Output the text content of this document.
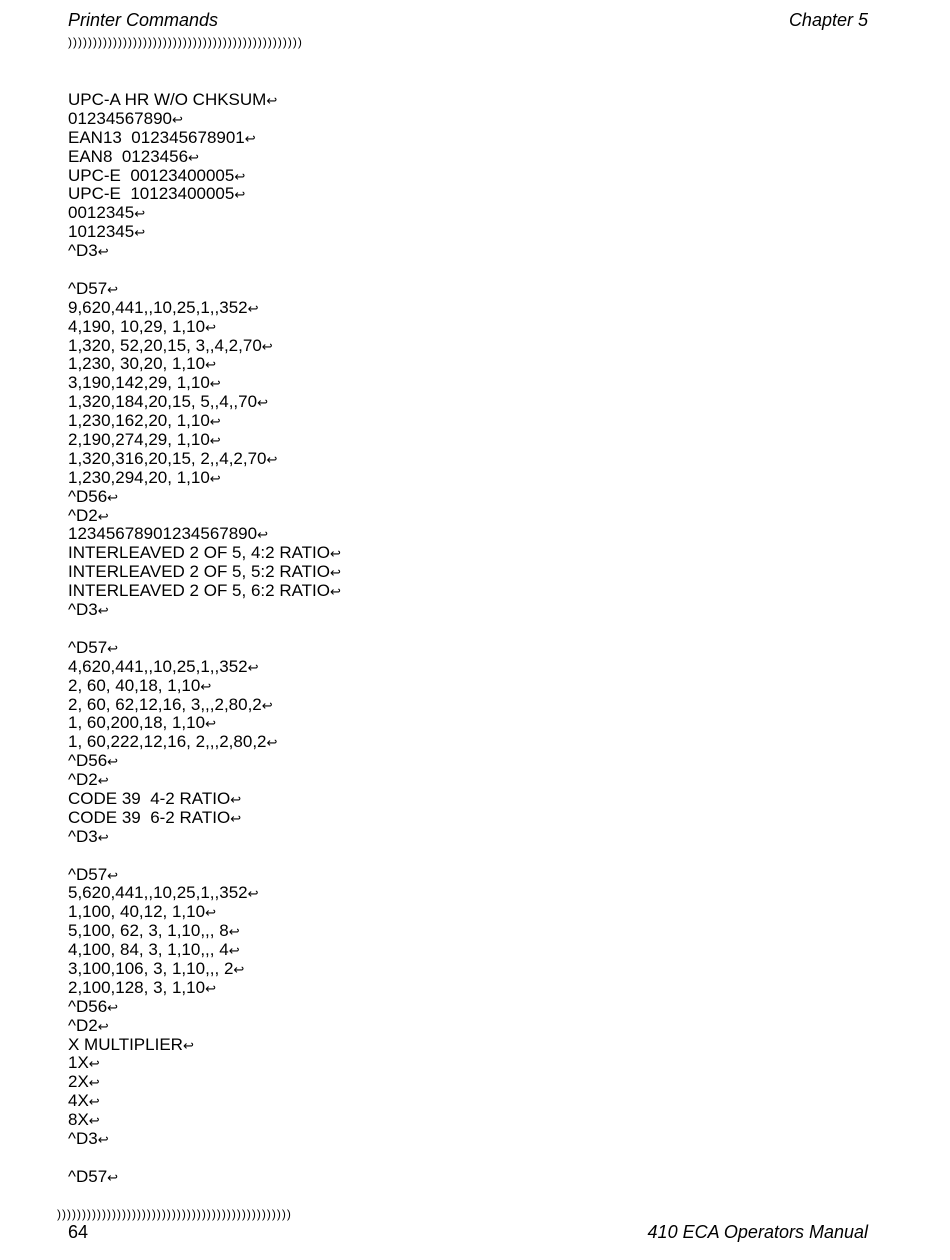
Printer Commands	Chapter 5
)))))))))))))))))))))))))))))))))))))))))))))))
UPC-A HR W/O CHKSUM↩
01234567890↩
EAN13  012345678901↩
EAN8  0123456↩
UPC-E  00123400005↩
UPC-E  10123400005↩
0012345↩
1012345↩
^D3↩
^D57↩
9,620,441,,10,25,1,,352↩
4,190, 10,29, 1,10↩
1,320, 52,20,15, 3,,4,2,70↩
1,230, 30,20, 1,10↩
3,190,142,29, 1,10↩
1,320,184,20,15, 5,,4,,70↩
1,230,162,20, 1,10↩
2,190,274,29, 1,10↩
1,320,316,20,15, 2,,4,2,70↩
1,230,294,20, 1,10↩
^D56↩
^D2↩
12345678901234567890↩
INTERLEAVED 2 OF 5, 4:2 RATIO↩
INTERLEAVED 2 OF 5, 5:2 RATIO↩
INTERLEAVED 2 OF 5, 6:2 RATIO↩
^D3↩
^D57↩
4,620,441,,10,25,1,,352↩
2, 60, 40,18, 1,10↩
2, 60, 62,12,16, 3,,,2,80,2↩
1, 60,200,18, 1,10↩
1, 60,222,12,16, 2,,,2,80,2↩
^D56↩
^D2↩
CODE 39  4-2 RATIO↩
CODE 39  6-2 RATIO↩
^D3↩
^D57↩
5,620,441,,10,25,1,,352↩
1,100, 40,12, 1,10↩
5,100, 62, 3, 1,10,,, 8↩
4,100, 84, 3, 1,10,,, 4↩
3,100,106, 3, 1,10,,, 2↩
2,100,128, 3, 1,10↩
^D56↩
^D2↩
X MULTIPLIER↩
1X↩
2X↩
4X↩
8X↩
^D3↩
^D57↩
)))))))))))))))))))))))))))))))))))))))))))))))
64	410 ECA Operators Manual
